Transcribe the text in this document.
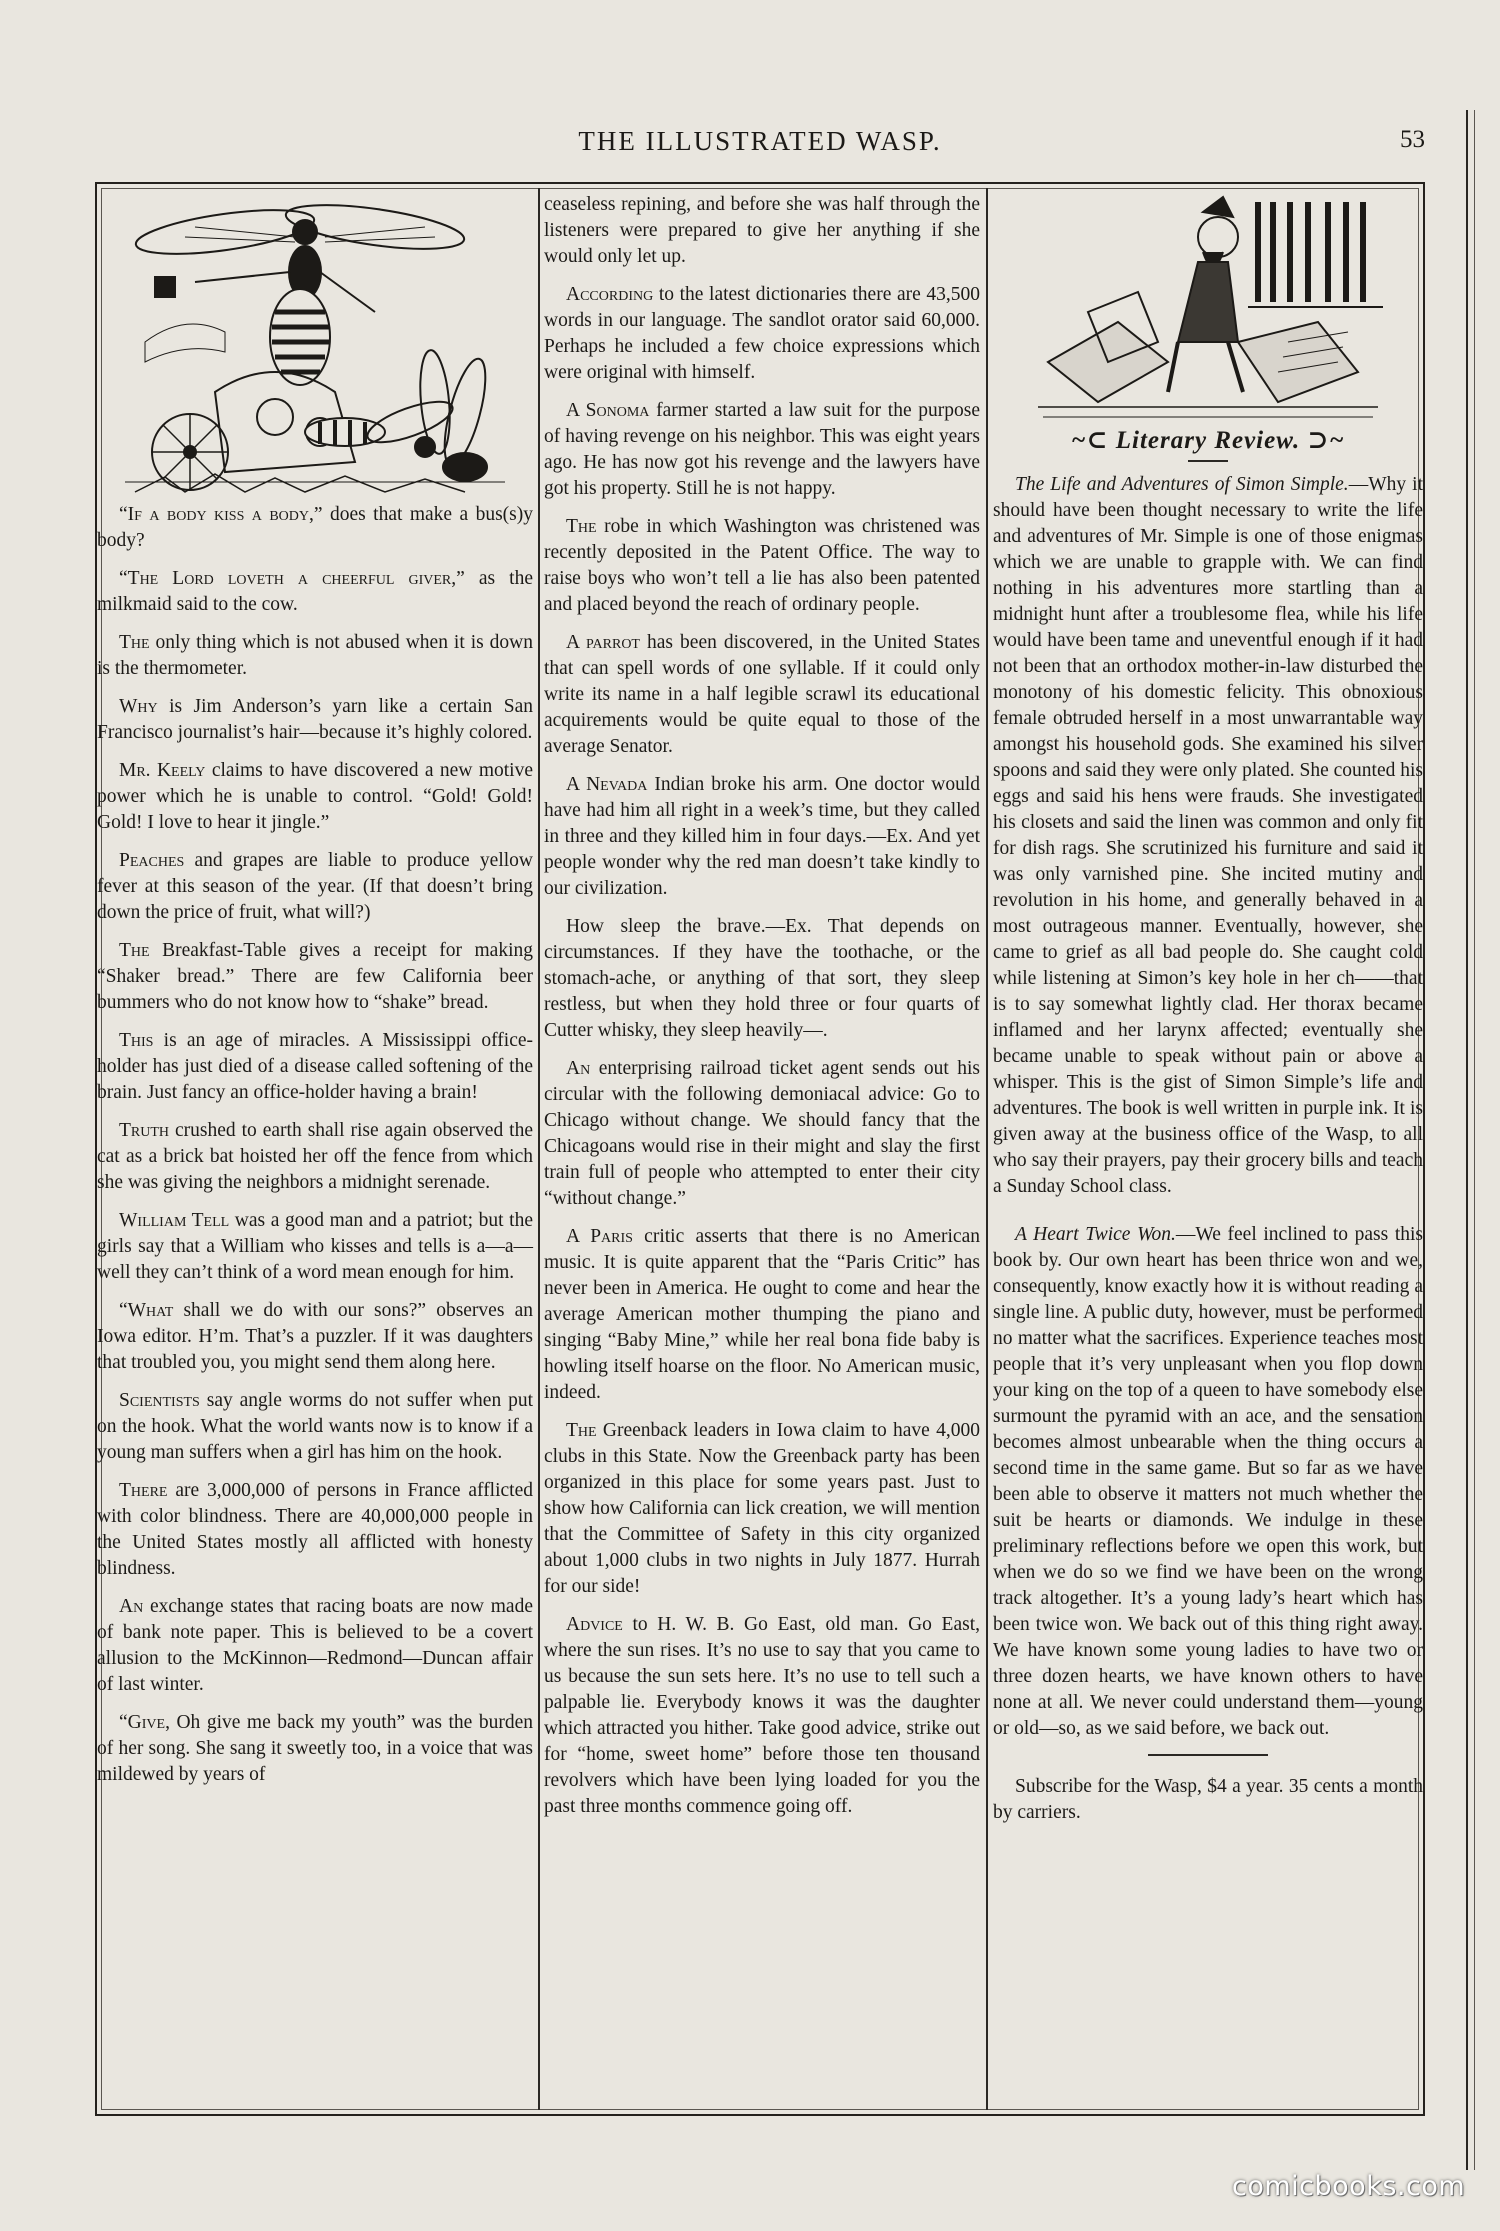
THE ILLUSTRATED WASP.	53

“If a body kiss a body,” does that make a bus(s)y body?

“The Lord loveth a cheerful giver,” as the milkmaid said to the cow.

The only thing which is not abused when it is down is the thermometer.

Why is Jim Anderson’s yarn like a certain San Francisco journalist’s hair—because it’s highly colored.

Mr. Keely claims to have discovered a new motive power which he is unable to control. “Gold! Gold! Gold! I love to hear it jingle.”

Peaches and grapes are liable to produce yellow fever at this season of the year. (If that doesn’t bring down the price of fruit, what will?)

The Breakfast-Table gives a receipt for making “Shaker bread.” There are few California beer bummers who do not know how to “shake” bread.

This is an age of miracles. A Mississippi office-holder has just died of a disease called softening of the brain. Just fancy an office-holder having a brain!

Truth crushed to earth shall rise again observed the cat as a brick bat hoisted her off the fence from which she was giving the neighbors a midnight serenade.

William Tell was a good man and a patriot; but the girls say that a William who kisses and tells is a—a—well they can’t think of a word mean enough for him.

“What shall we do with our sons?” observes an Iowa editor. H’m. That’s a puzzler. If it was daughters that troubled you, you might send them along here.

Scientists say angle worms do not suffer when put on the hook. What the world wants now is to know if a young man suffers when a girl has him on the hook.

There are 3,000,000 of persons in France afflicted with color blindness. There are 40,000,000 people in the United States mostly all afflicted with honesty blindness.

An exchange states that racing boats are now made of bank note paper. This is believed to be a covert allusion to the McKinnon—Redmond—Duncan affair of last winter.

“Give, Oh give me back my youth” was the burden of her song. She sang it sweetly too, in a voice that was mildewed by years of

ceaseless repining, and before she was half through the listeners were prepared to give her anything if she would only let up.

According to the latest dictionaries there are 43,500 words in our language. The sandlot orator said 60,000. Perhaps he included a few choice expressions which were original with himself.

A Sonoma farmer started a law suit for the purpose of having revenge on his neighbor. This was eight years ago. He has now got his revenge and the lawyers have got his property. Still he is not happy.

The robe in which Washington was christened was recently deposited in the Patent Office. The way to raise boys who won’t tell a lie has also been patented and placed beyond the reach of ordinary people.

A parrot has been discovered, in the United States that can spell words of one syllable. If it could only write its name in a half legible scrawl its educational acquirements would be quite equal to those of the average Senator.

A Nevada Indian broke his arm. One doctor would have had him all right in a week’s time, but they called in three and they killed him in four days.—Ex. And yet people wonder why the red man doesn’t take kindly to our civilization.

How sleep the brave.—Ex. That depends on circumstances. If they have the toothache, or the stomach-ache, or anything of that sort, they sleep restless, but when they hold three or four quarts of Cutter whisky, they sleep heavily—.

An enterprising railroad ticket agent sends out his circular with the following demoniacal advice: Go to Chicago without change. We should fancy that the Chicagoans would rise in their might and slay the first train full of people who attempted to enter their city “without change.”

A Paris critic asserts that there is no American music. It is quite apparent that the “Paris Critic” has never been in America. He ought to come and hear the average American mother thumping the piano and singing “Baby Mine,” while her real bona fide baby is howling itself hoarse on the floor. No American music, indeed.

The Greenback leaders in Iowa claim to have 4,000 clubs in this State. Now the Greenback party has been organized in this place for some years past. Just to show how California can lick creation, we will mention that the Committee of Safety in this city organized about 1,000 clubs in two nights in July 1877. Hurrah for our side!

Advice to H. W. B. Go East, old man. Go East, where the sun rises. It’s no use to say that you came to us because the sun sets here. It’s no use to tell such a palpable lie. Everybody knows it was the daughter which attracted you hither. Take good advice, strike out for “home, sweet home” before those ten thousand revolvers which have been lying loaded for you the past three months commence going off.

~⊂ Literary Review. ⊃~

The Life and Adventures of Simon Simple.—Why it should have been thought necessary to write the life and adventures of Mr. Simple is one of those enigmas which we are unable to grapple with. We can find nothing in his adventures more startling than a midnight hunt after a troublesome flea, while his life would have been tame and uneventful enough if it had not been that an orthodox mother-in-law disturbed the monotony of his domestic felicity. This obnoxious female obtruded herself in a most unwarrantable way amongst his household gods. She examined his silver spoons and said they were only plated. She counted his eggs and said his hens were frauds. She investigated his closets and said the linen was common and only fit for dish rags. She scrutinized his furniture and said it was only varnished pine. She incited mutiny and revolution in his home, and generally behaved in a most outrageous manner. Eventually, however, she came to grief as all bad people do. She caught cold while listening at Simon’s key hole in her ch——that is to say somewhat lightly clad. Her thorax became inflamed and her larynx affected; eventually she became unable to speak without pain or above a whisper. This is the gist of Simon Simple’s life and adventures. The book is well written in purple ink. It is given away at the business office of the Wasp, to all who say their prayers, pay their grocery bills and teach a Sunday School class.

A Heart Twice Won.—We feel inclined to pass this book by. Our own heart has been thrice won and we, consequently, know exactly how it is without reading a single line. A public duty, however, must be performed no matter what the sacrifices. Experience teaches most people that it’s very unpleasant when you flop down your king on the top of a queen to have somebody else surmount the pyramid with an ace, and the sensation becomes almost unbearable when the thing occurs a second time in the same game. But so far as we have been able to observe it matters not much whether the suit be hearts or diamonds. We indulge in these preliminary reflections before we open this work, but when we do so we find we have been on the wrong track altogether. It’s a young lady’s heart which has been twice won. We back out of this thing right away. We have known some young ladies to have two or three dozen hearts, we have known others to have none at all. We never could understand them—young or old—so, as we said before, we back out.

Subscribe for the Wasp, $4 a year. 35 cents a month by carriers.

comicbooks.com
